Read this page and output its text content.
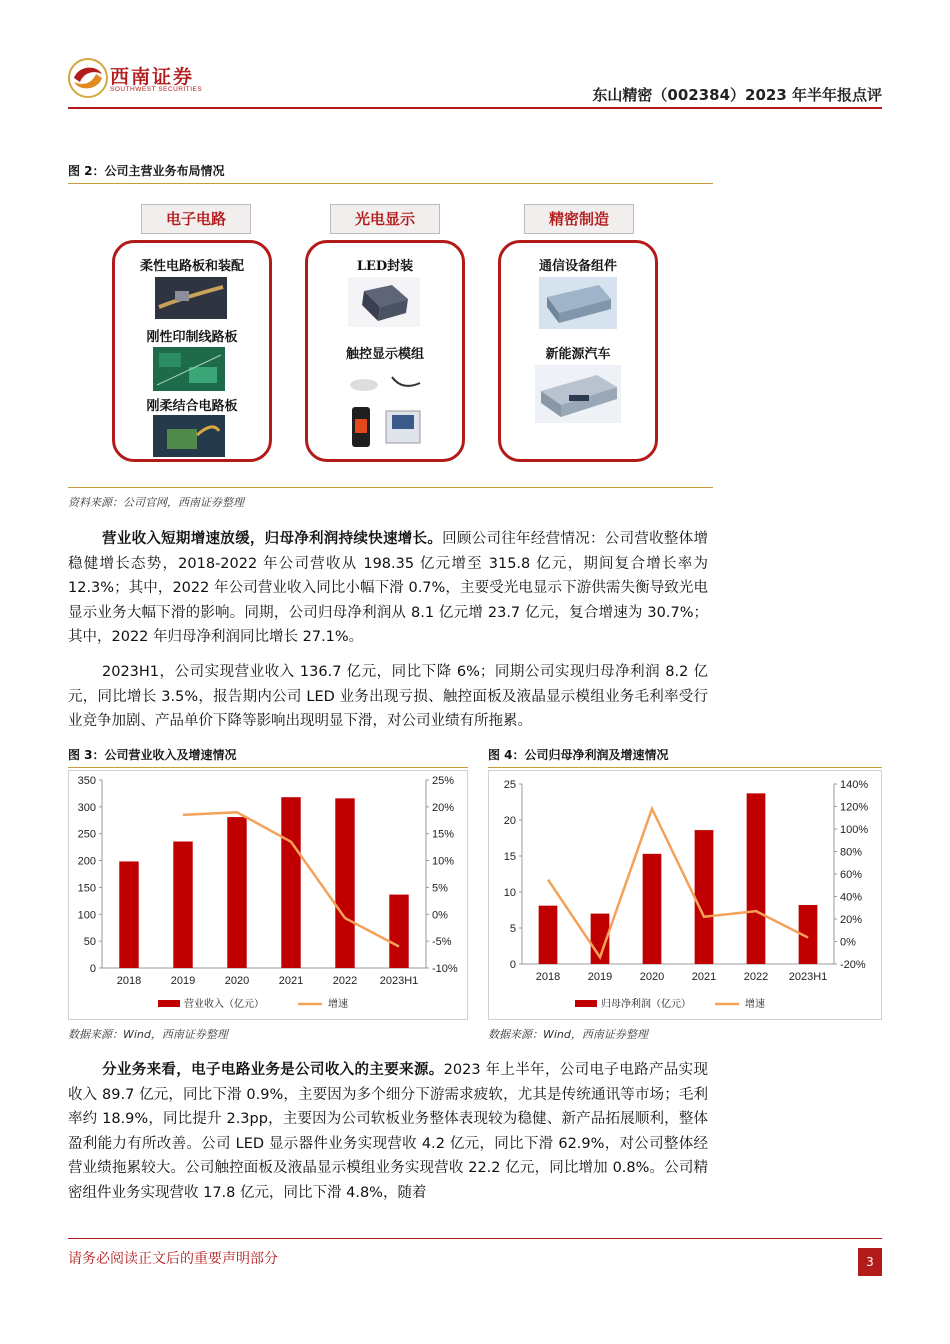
西南证券
SOUTHWEST SECURITIES	东山精密（002384）2023 年半年报点评
图 2：公司主营业务布局情况
电子电路
柔性电路板和装配
刚性印制线路板
刚柔结合电路板
光电显示
LED封装
触控显示模组
精密制造
通信设备组件
新能源汽车
资料来源：公司官网，西南证券整理
营业收入短期增速放缓，归母净利润持续快速增长。回顾公司往年经营情况：公司营收整体增稳健增长态势，2018-2022 年公司营收从 198.35 亿元增至 315.8 亿元，期间复合增长率为 12.3%；其中，2022 年公司营业收入同比小幅下滑 0.7%，主要受光电显示下游供需失衡导致光电显示业务大幅下滑的影响。同期，公司归母净利润从 8.1 亿元增 23.7 亿元，复合增速为 30.7%；其中，2022 年归母净利润同比增长 27.1%。
2023H1，公司实现营业收入 136.7 亿元，同比下降 6%；同期公司实现归母净利润 8.2 亿元，同比增长 3.5%，报告期内公司 LED 业务出现亏损、触控面板及液晶显示模组业务毛利率受行业竞争加剧、产品单价下降等影响出现明显下滑，对公司业绩有所拖累。
图 3：公司营业收入及增速情况
0
50
100
150
200
250
300
350
-10%
-5%
0%
5%
10%
15%
20%
25%
2018	2019	2020	2021	2022 2023H1
营业收入（亿元）	增速
数据来源：Wind，西南证券整理
图 4：公司归母净利润及增速情况
0
5
10
15
20
25
-20%
0%
20%
40%
60%
80%
100%
120%
140%
2018	2019	2020	2021	2022 2023H1
归母净利润（亿元）	增速
数据来源：Wind，西南证券整理
分业务来看，电子电路业务是公司收入的主要来源。2023 年上半年，公司电子电路产品实现收入 89.7 亿元，同比下滑 0.9%，主要因为多个细分下游需求疲软，尤其是传统通讯等市场；毛利率约 18.9%，同比提升 2.3pp，主要因为公司软板业务整体表现较为稳健、新产品拓展顺利，整体盈利能力有所改善。公司 LED 显示器件业务实现营收 4.2 亿元，同比下滑 62.9%，对公司整体经营业绩拖累较大。公司触控面板及液晶显示模组业务实现营收 22.2 亿元，同比增加 0.8%。公司精密组件业务实现营收 17.8 亿元，同比下滑 4.8%，随着
请务必阅读正文后的重要声明部分	3
